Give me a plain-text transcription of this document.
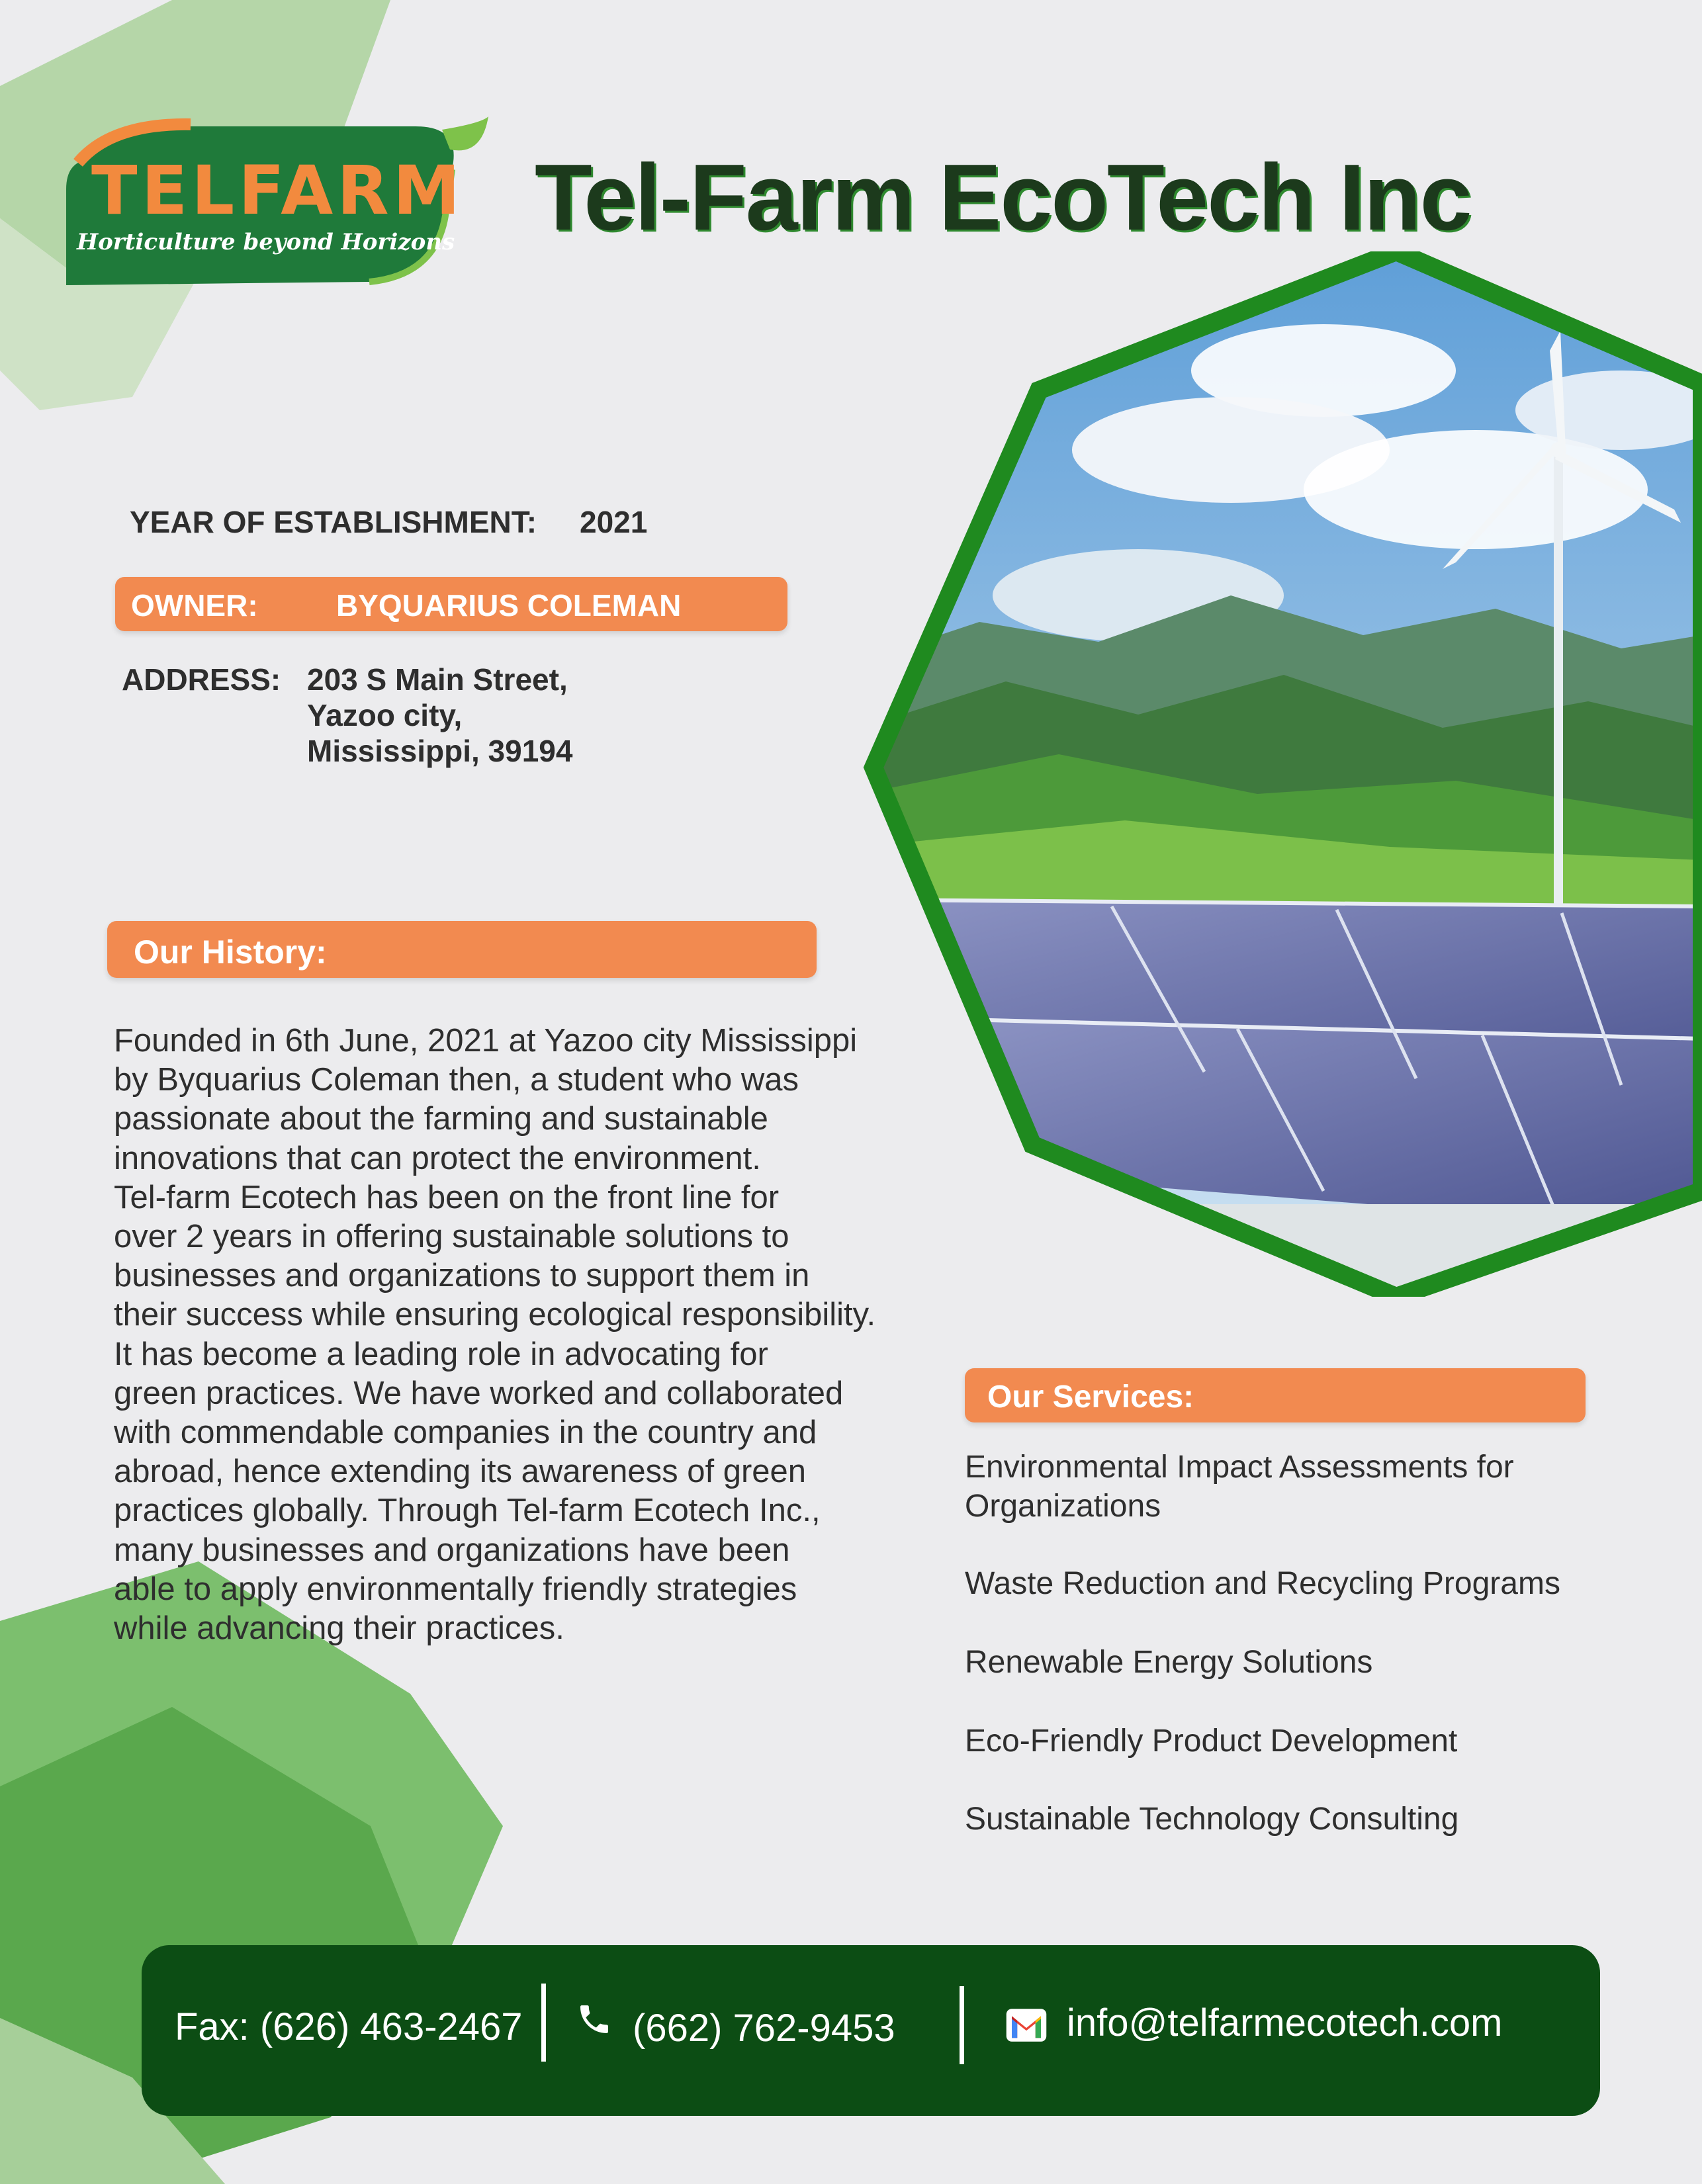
TELFARM
Horticulture beyond Horizons Tel-Farm EcoTech Inc
YEAR OF ESTABLISHMENT: 2021
OWNER:	BYQUARIUS COLEMAN
ADDRESS: 203 S Main Street,
Yazoo city,
Mississippi, 39194
Our History:
Founded in 6th June, 2021 at Yazoo city Mississippi
by Byquarius Coleman then, a student who was
passionate about the farming and sustainable
innovations that can protect the environment.
Tel-farm Ecotech has been on the front line for
over 2 years in offering sustainable solutions to
businesses and organizations to support them in
their success while ensuring ecological responsibility.
It has become a leading role in advocating for
green practices. We have worked and collaborated
with commendable companies in the country and
abroad, hence extending its awareness of green
practices globally. Through Tel-farm Ecotech Inc.,
many businesses and organizations have been
able to apply environmentally friendly strategies
while advancing their practices.
Our Services:
Environmental Impact Assessments for
Organizations
Waste Reduction and Recycling Programs
Renewable Energy Solutions
Eco-Friendly Product Development
Sustainable Technology Consulting
Fax: (626) 463-2467	(662) 762-9453	info@telfarmecotech.com
